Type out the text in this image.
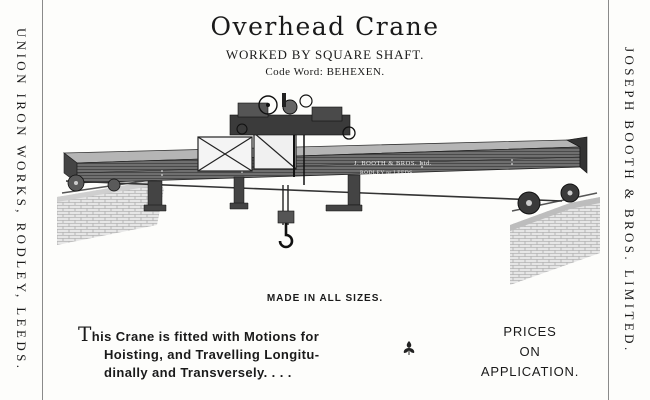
UNION IRON WORKS, RODLEY, LEEDS.	JOSEPH BOOTH & BROS. LIMITED.
Overhead Crane
WORKED BY SQUARE SHAFT.
Code Word: BEHEXEN.
J. BOOTH & BROS. Ltd.
RODLEY nr LEEDS.
MADE IN ALL SIZES.
This Crane is fitted with Motions for
Hoisting, and Travelling Longitu-
dinally and Transversely. . . .
PRICES
ON
APPLICATION.
